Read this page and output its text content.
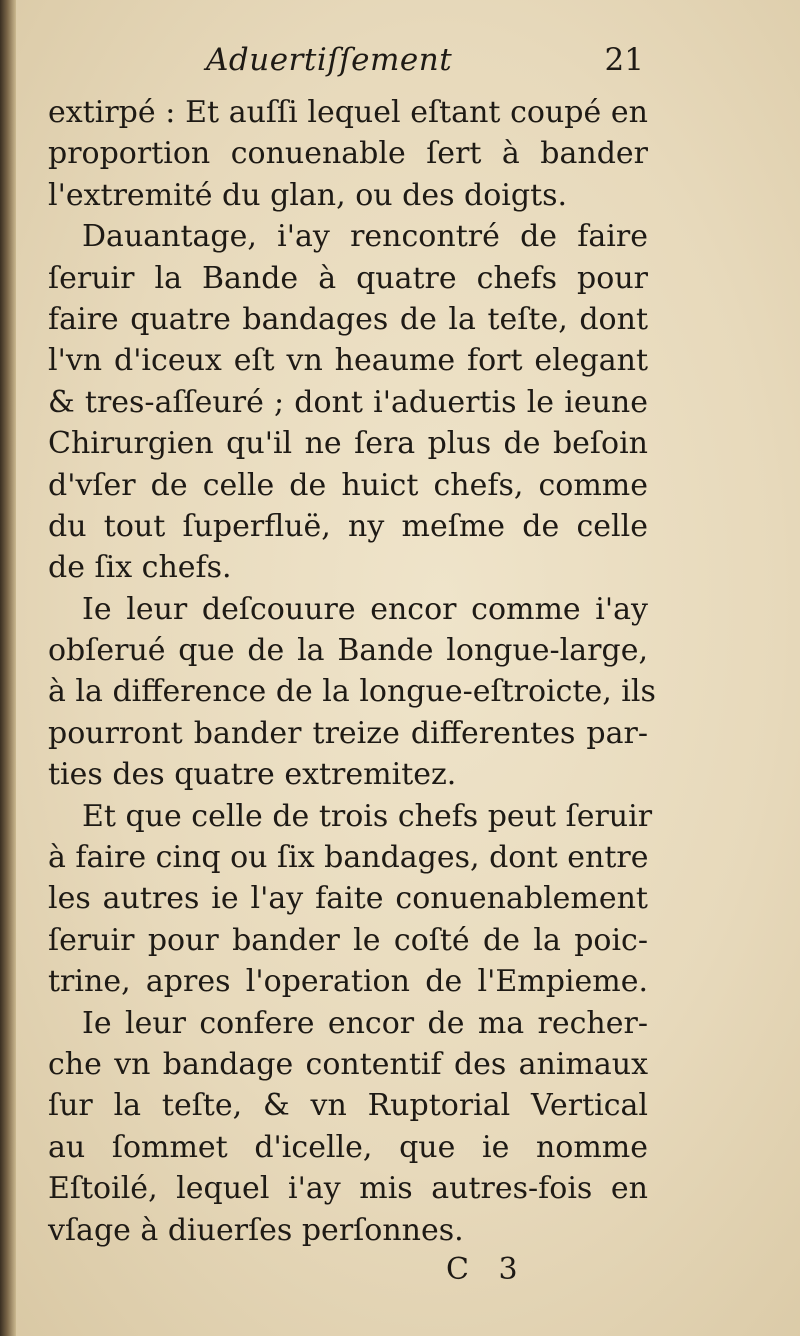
Aduertiſſement	21
extirpé : Et auſſi lequel eſtant coupé en
proportion conuenable ſert à bander
l'extremité du glan, ou des doigts.
Dauantage, i'ay rencontré de faire
ſeruir la Bande à quatre chefs pour
faire quatre bandages de la teſte, dont
l'vn d'iceux eſt vn heaume fort elegant
& tres-aſſeuré ; dont i'aduertis le ieune
Chirurgien qu'il ne ſera plus de beſoin
d'vſer de celle de huict chefs, comme
du tout ſuperfluë, ny meſme de celle
de ſix chefs.
Ie leur deſcouure encor comme i'ay
obſerué que de la Bande longue-large,
à la difference de la longue-eſtroicte, ils
pourront bander treize differentes par-
ties des quatre extremitez.
Et que celle de trois chefs peut ſeruir
à faire cinq ou ſix bandages, dont entre
les autres ie l'ay faite conuenablement
ſeruir pour bander le coſté de la poic-
trine, apres l'operation de l'Empieme.
Ie leur confere encor de ma recher-
che vn bandage contentif des animaux
ſur la teſte, & vn Ruptorial Vertical
au ſommet d'icelle, que ie nomme
Eſtoilé, lequel i'ay mis autres-fois en
vſage à diuerſes perſonnes.
C 3
